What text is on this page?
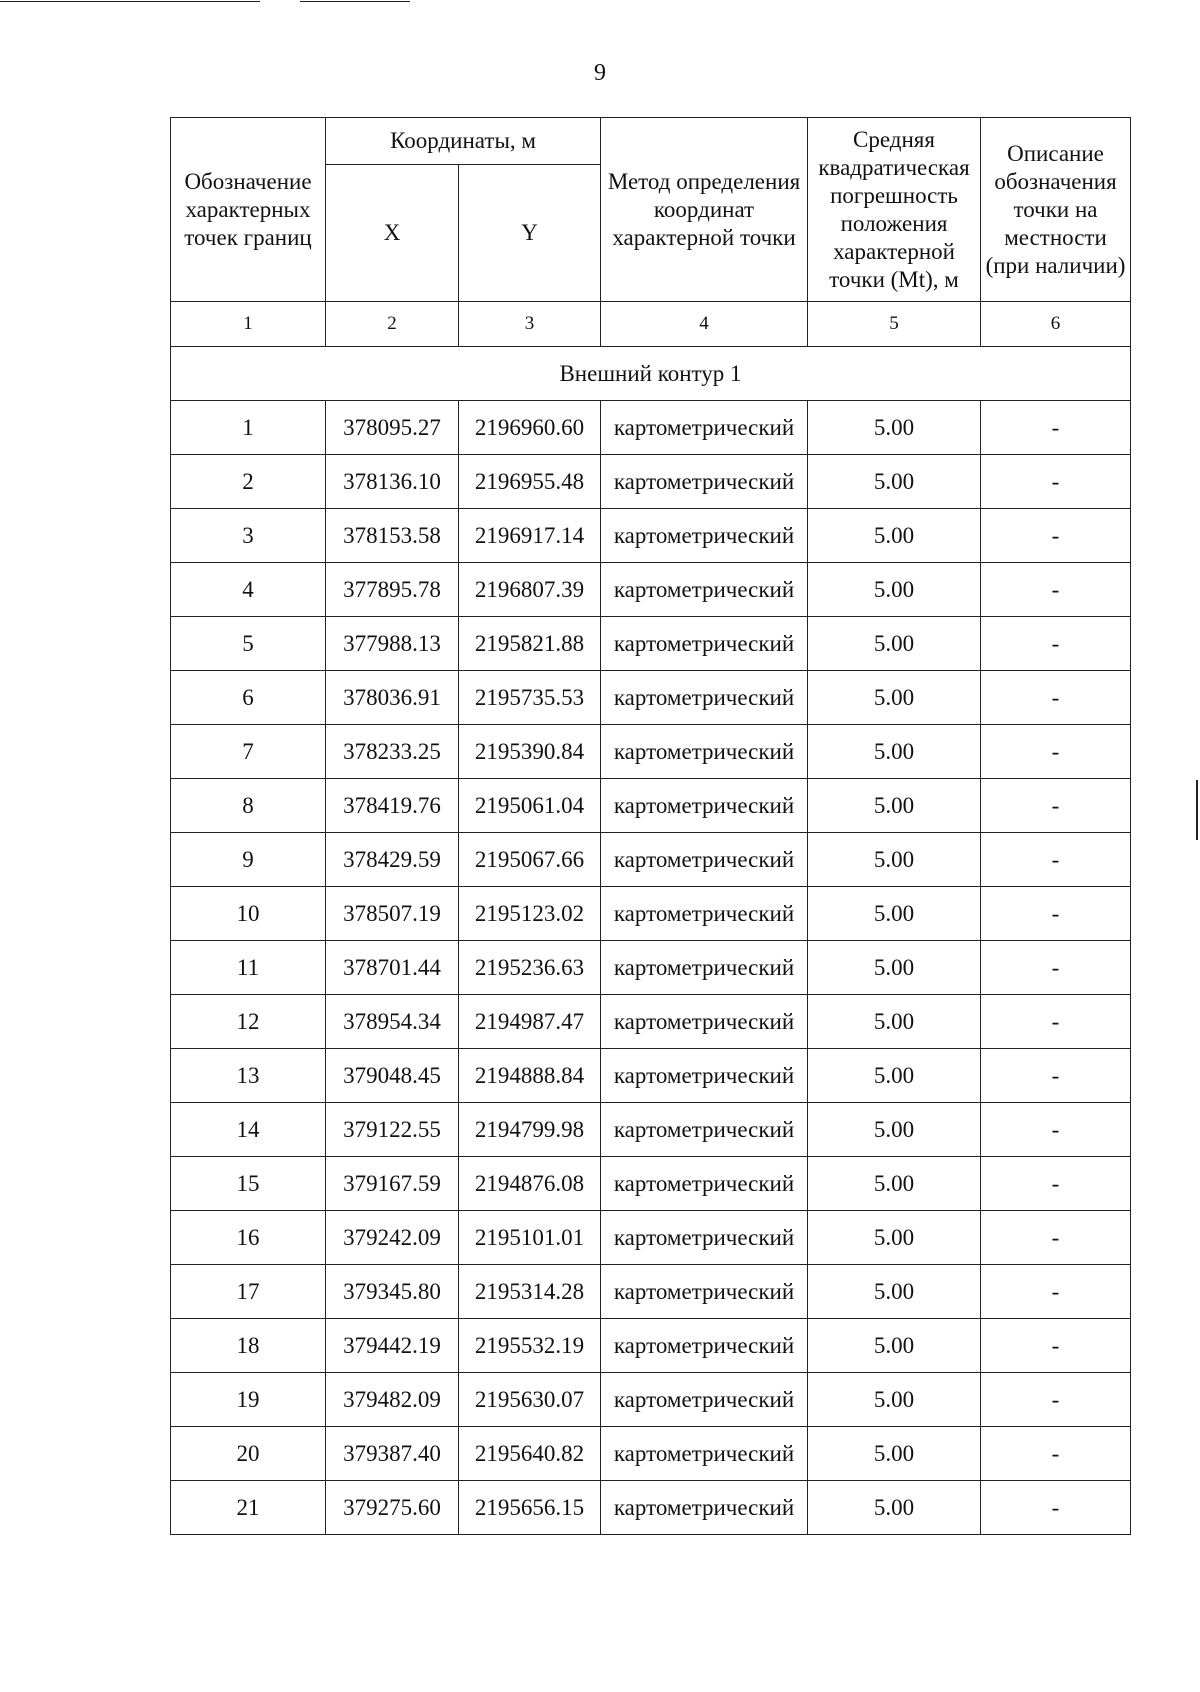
9
Обозначение характерных точек границ	Координаты, м		Метод определения координат характерной точки	Средняя квадратическая погрешность положения характерной точки (Mt), м	Описание обозначения точки на местности (при наличии)
	X	Y			
1	2	3	4	5	6
Внешний контур 1					
1	378095.27	2196960.60	картометрический	5.00	-
2	378136.10	2196955.48	картометрический	5.00	-
3	378153.58	2196917.14	картометрический	5.00	-
4	377895.78	2196807.39	картометрический	5.00	-
5	377988.13	2195821.88	картометрический	5.00	-
6	378036.91	2195735.53	картометрический	5.00	-
7	378233.25	2195390.84	картометрический	5.00	-
8	378419.76	2195061.04	картометрический	5.00	-
9	378429.59	2195067.66	картометрический	5.00	-
10	378507.19	2195123.02	картометрический	5.00	-
11	378701.44	2195236.63	картометрический	5.00	-
12	378954.34	2194987.47	картометрический	5.00	-
13	379048.45	2194888.84	картометрический	5.00	-
14	379122.55	2194799.98	картометрический	5.00	-
15	379167.59	2194876.08	картометрический	5.00	-
16	379242.09	2195101.01	картометрический	5.00	-
17	379345.80	2195314.28	картометрический	5.00	-
18	379442.19	2195532.19	картометрический	5.00	-
19	379482.09	2195630.07	картометрический	5.00	-
20	379387.40	2195640.82	картометрический	5.00	-
21	379275.60	2195656.15	картометрический	5.00	-
